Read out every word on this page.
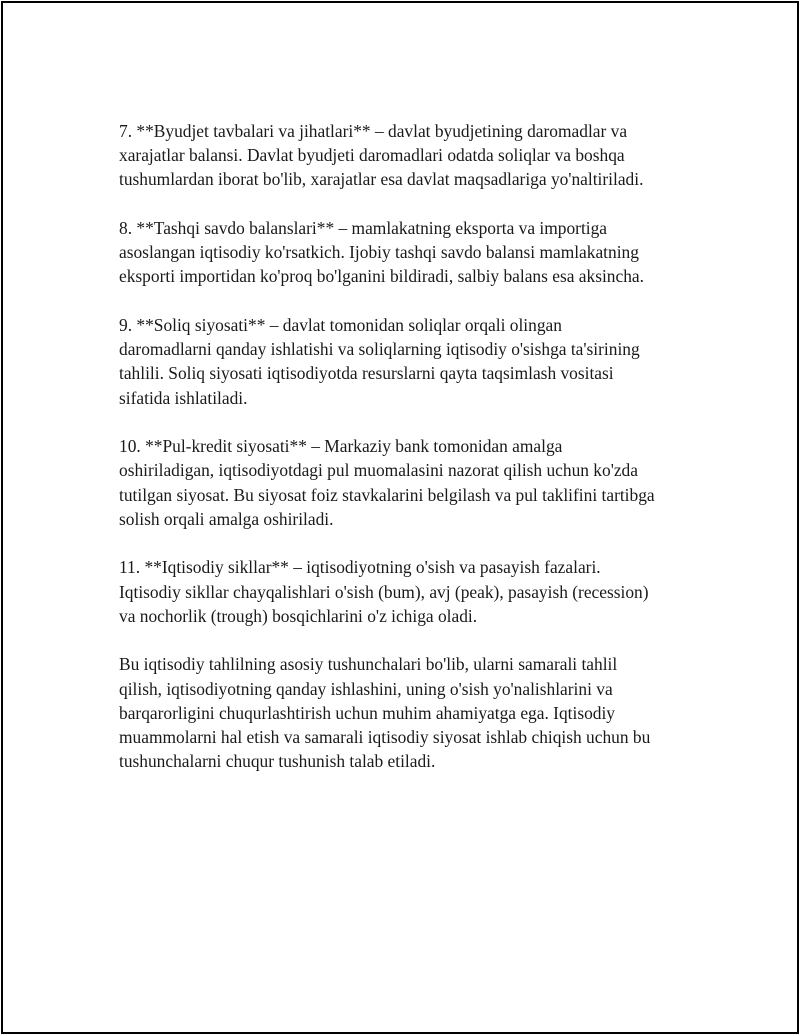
7. **Byudjet tavbalari va jihatlari** – davlat byudjetining daromadlar va
xarajatlar balansi. Davlat byudjeti daromadlari odatda soliqlar va boshqa
tushumlardan iborat bo'lib, xarajatlar esa davlat maqsadlariga yo'naltiriladi.

8. **Tashqi savdo balanslari** – mamlakatning eksporta va importiga
asoslangan iqtisodiy ko'rsatkich. Ijobiy tashqi savdo balansi mamlakatning
eksporti importidan ko'proq bo'lganini bildiradi, salbiy balans esa aksincha.

9. **Soliq siyosati** – davlat tomonidan soliqlar orqali olingan
daromadlarni qanday ishlatishi va soliqlarning iqtisodiy o'sishga ta'sirining
tahlili. Soliq siyosati iqtisodiyotda resurslarni qayta taqsimlash vositasi
sifatida ishlatiladi.

10. **Pul-kredit siyosati** – Markaziy bank tomonidan amalga
oshiriladigan, iqtisodiyotdagi pul muomalasini nazorat qilish uchun ko'zda
tutilgan siyosat. Bu siyosat foiz stavkalarini belgilash va pul taklifini tartibga
solish orqali amalga oshiriladi.

11. **Iqtisodiy sikllar** – iqtisodiyotning o'sish va pasayish fazalari.
Iqtisodiy sikllar chayqalishlari o'sish (bum), avj (peak), pasayish (recession)
va nochorlik (trough) bosqichlarini o'z ichiga oladi.

Bu iqtisodiy tahlilning asosiy tushunchalari bo'lib, ularni samarali tahlil
qilish, iqtisodiyotning qanday ishlashini, uning o'sish yo'nalishlarini va
barqarorligini chuqurlashtirish uchun muhim ahamiyatga ega. Iqtisodiy
muammolarni hal etish va samarali iqtisodiy siyosat ishlab chiqish uchun bu
tushunchalarni chuqur tushunish talab etiladi.
